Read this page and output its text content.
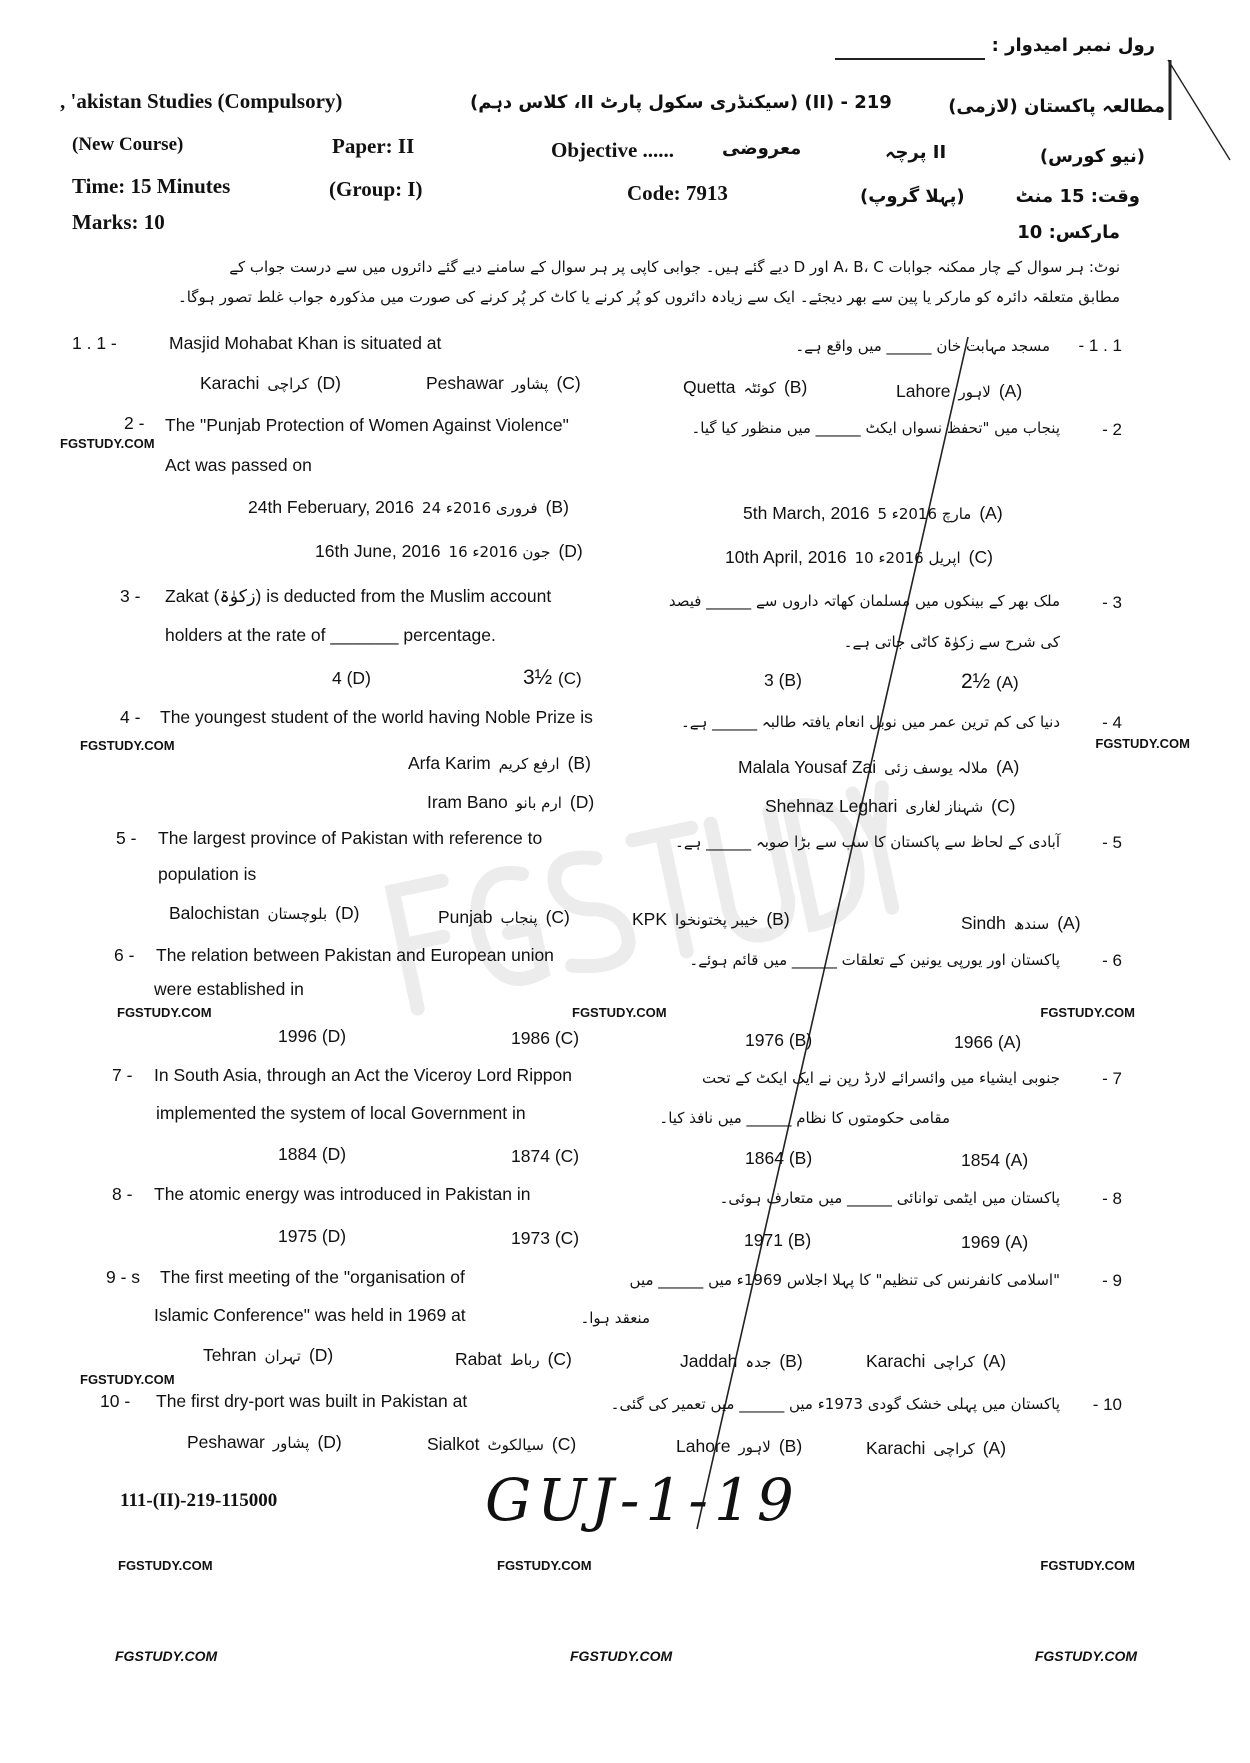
رول نمبر امیدوار :
, 'akistan Studies (Compulsory)	219 - (II) (سیکنڈری سکول پارٹ II، کلاس دہم)	مطالعہ پاکستان (لازمی)
(New Course)	Paper: II	Objective ......	معروضی	II پرچہ	(نیو کورس)
Time: 15 Minutes	(Group: I)	Code: 7913	(پہلا گروپ)	وقت: 15 منٹ
Marks: 10	مارکس: 10
نوٹ: ہر سوال کے چار ممکنہ جوابات A، B، C اور D دیے گئے ہیں۔ جوابی کاپی پر ہر سوال کے سامنے دیے گئے دائروں میں سے درست جواب کے
مطابق متعلقہ دائرہ کو مارکر یا پین سے بھر دیجئے۔ ایک سے زیادہ دائروں کو پُر کرنے یا کاٹ کر پُر کرنے کی صورت میں مذکورہ جواب غلط تصور ہوگا۔
1 . 1 -	Masjid Mohabat Khan is situated at	مسجد مہابت خان ______ میں واقع ہے۔ - 1 . 1
Karachi کراچی (D)	Peshawar پشاور (C)	Quetta کوئٹہ (B)	Lahore لاہور (A)
2 - The "Punjab Protection of Women Against Violence"
Act was passed on
پنجاب میں "تحفظ نسواں ایکٹ ______ میں منظور کیا گیا۔ - 2
FGSTUDY.COM
24th Feberuary, 2016 24 فروری 2016ء (B)	5th March, 2016 5 مارچ 2016ء (A)
16th June, 2016 16 جون 2016ء (D)	10th April, 2016 10 اپریل 2016ء (C)
3 - Zakat (زکوٰۃ) is deducted from the Muslim account
holders at the rate of _______ percentage.
ملک بھر کے بینکوں میں مسلمان کھاتہ داروں سے ______ فیصد
کی شرح سے زکوٰۃ کاٹی جاتی ہے۔
- 3
4 (D)	3½ (C)	3 (B)	2½ (A)
4 - The youngest student of the world having Noble Prize is	دنیا کی کم ترین عمر میں نوبل انعام یافتہ طالبہ ______ ہے۔ - 4
FGSTUDY.COM	FGSTUDY.COM
Arfa Karim ارفع کریم (B)	Malala Yousaf Zai ملالہ یوسف زئی (A)
Iram Bano ارم بانو (D)	Shehnaz Leghari شہناز لغاری (C)
5 - The largest province of Pakistan with reference to
population is
آبادی کے لحاظ سے پاکستان کا سب سے بڑا صوبہ ______ ہے۔ - 5
Balochistan بلوچستان (D)	Punjab پنجاب (C)	KPK خیبر پختونخوا (B)	Sindh سندھ (A)
6 - The relation between Pakistan and European union
were established in
پاکستان اور یورپی یونین کے تعلقات ______ میں قائم ہوئے۔ - 6
FGSTUDY.COM	FGSTUDY.COM	FGSTUDY.COM
1996 (D)	1986 (C)	1976 (B)	1966 (A)
7 - In South Asia, through an Act the Viceroy Lord Rippon
implemented the system of local Government in
جنوبی ایشیاء میں وائسرائے لارڈ رپن نے ایک ایکٹ کے تحت
مقامی حکومتوں کا نظام ______ میں نافذ کیا۔
- 7
1884 (D)	1874 (C)	1864 (B)	1854 (A)
8 - The atomic energy was introduced in Pakistan in	پاکستان میں ایٹمی توانائی ______ میں متعارف ہوئی۔ - 8
1975 (D)	1973 (C)	1971 (B)	1969 (A)
9 - s The first meeting of the "organisation of
Islamic Conference" was held in 1969 at
"اسلامی کانفرنس کی تنظیم" کا پہلا اجلاس 1969ء میں ______ میں
منعقد ہوا۔
- 9
FGSTUDY.COM
Tehran تہران (D)	Rabat رباط (C)	Jaddah جدہ (B)	Karachi کراچی (A)
10 - The first dry-port was built in Pakistan at	پاکستان میں پہلی خشک گودی 1973ء میں ______ میں تعمیر کی گئی۔ - 10
Peshawar پشاور (D)	Sialkot سیالکوٹ (C)	Lahore لاہور (B)	Karachi کراچی (A)
111-(II)-219-115000	GUJ-1-19
FGSTUDY.COM	FGSTUDY.COM	FGSTUDY.COM
FGSTUDY.COM	FGSTUDY.COM	FGSTUDY.COM
